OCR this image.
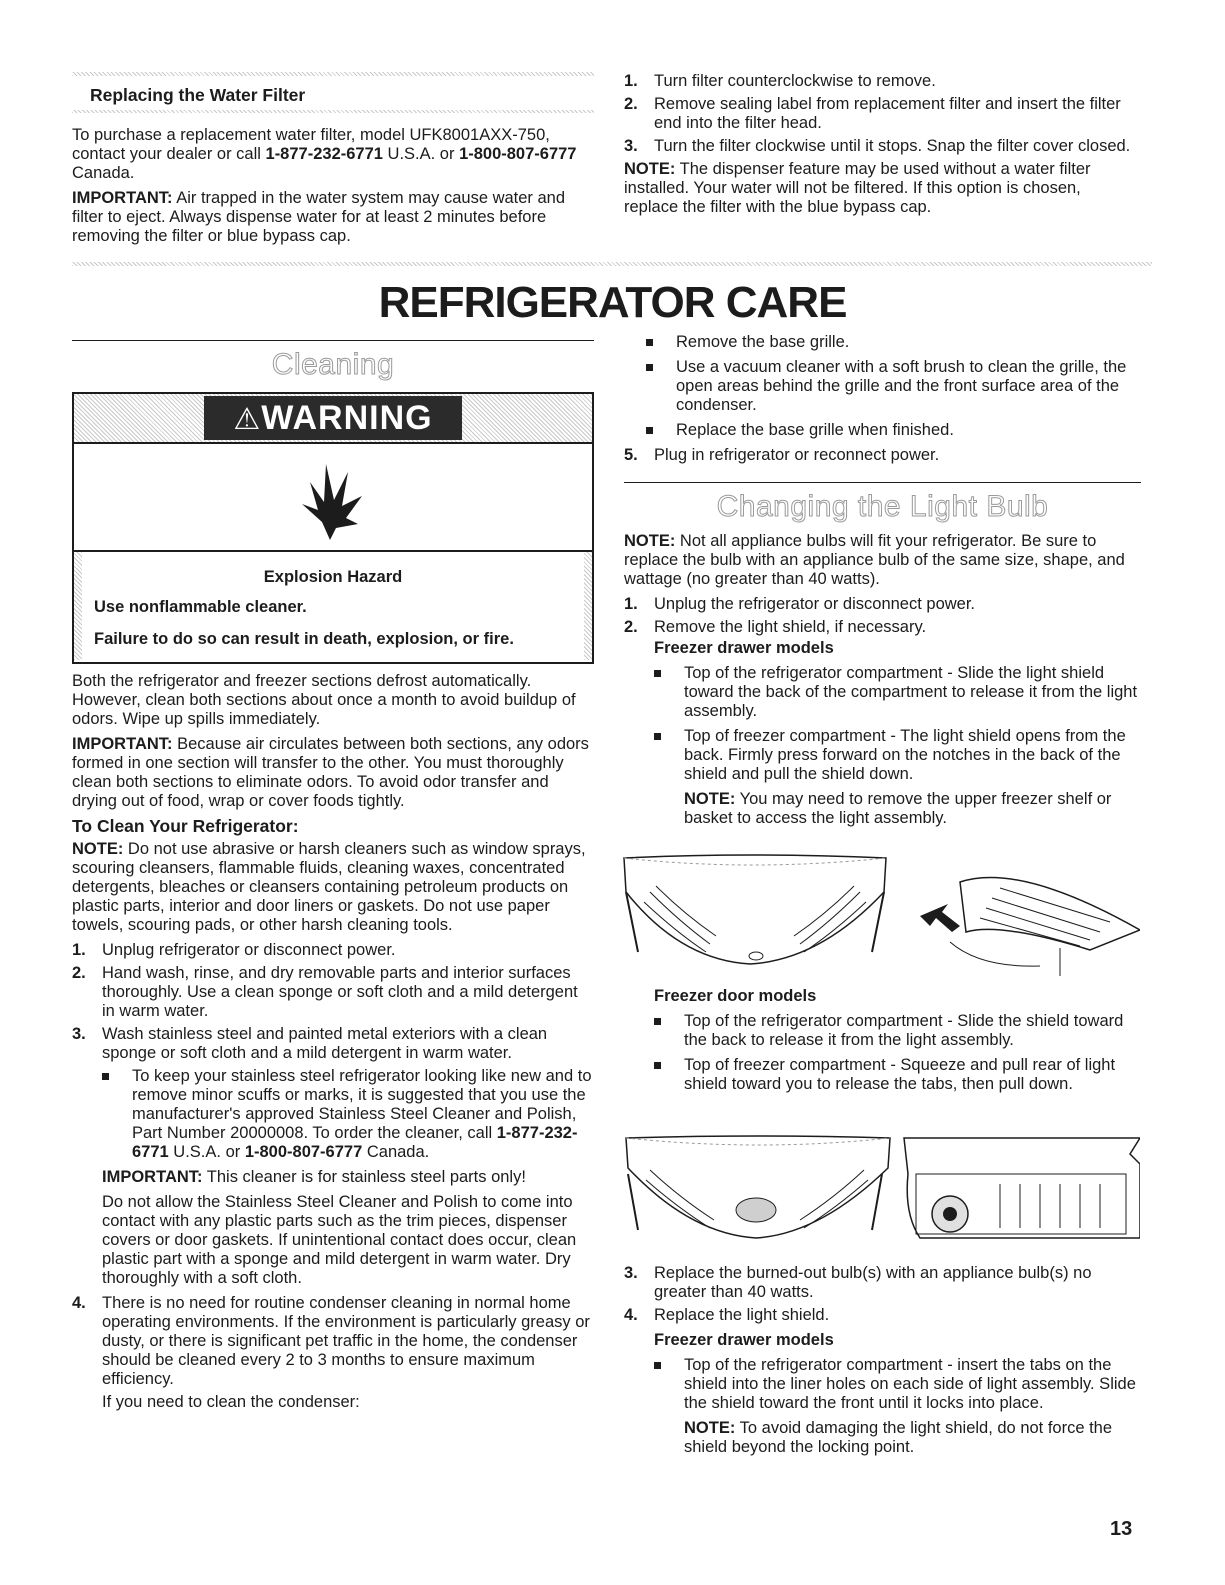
Replacing the Water Filter

To purchase a replacement water filter, model UFK8001AXX-750, contact your dealer or call 1-877-232-6771 U.S.A. or 1-800-807-6777 Canada.

IMPORTANT: Air trapped in the water system may cause water and filter to eject. Always dispense water for at least 2 minutes before removing the filter or blue bypass cap.

1. Turn filter counterclockwise to remove.
2. Remove sealing label from replacement filter and insert the filter end into the filter head.
3. Turn the filter clockwise until it stops. Snap the filter cover closed.

NOTE: The dispenser feature may be used without a water filter installed. Your water will not be filtered. If this option is chosen, replace the filter with the blue bypass cap.

REFRIGERATOR CARE
Cleaning
⚠WARNING
Explosion Hazard
Use nonflammable cleaner.
Failure to do so can result in death, explosion, or fire.

Both the refrigerator and freezer sections defrost automatically. However, clean both sections about once a month to avoid buildup of odors. Wipe up spills immediately.

IMPORTANT: Because air circulates between both sections, any odors formed in one section will transfer to the other. You must thoroughly clean both sections to eliminate odors. To avoid odor transfer and drying out of food, wrap or cover foods tightly.

To Clean Your Refrigerator:

NOTE: Do not use abrasive or harsh cleaners such as window sprays, scouring cleansers, flammable fluids, cleaning waxes, concentrated detergents, bleaches or cleansers containing petroleum products on plastic parts, interior and door liners or gaskets. Do not use paper towels, scouring pads, or other harsh cleaning tools.

1. Unplug refrigerator or disconnect power.
2. Hand wash, rinse, and dry removable parts and interior surfaces thoroughly. Use a clean sponge or soft cloth and a mild detergent in warm water.
3. Wash stainless steel and painted metal exteriors with a clean sponge or soft cloth and a mild detergent in warm water.
To keep your stainless steel refrigerator looking like new and to remove minor scuffs or marks, it is suggested that you use the manufacturer's approved Stainless Steel Cleaner and Polish, Part Number 20000008. To order the cleaner, call 1-877-232-6771 U.S.A. or 1-800-807-6777 Canada.

IMPORTANT: This cleaner is for stainless steel parts only!

Do not allow the Stainless Steel Cleaner and Polish to come into contact with any plastic parts such as the trim pieces, dispenser covers or door gaskets. If unintentional contact does occur, clean plastic part with a sponge and mild detergent in warm water. Dry thoroughly with a soft cloth.

4. There is no need for routine condenser cleaning in normal home operating environments. If the environment is particularly greasy or dusty, or there is significant pet traffic in the home, the condenser should be cleaned every 2 to 3 months to ensure maximum efficiency.

If you need to clean the condenser:

Remove the base grille.
Use a vacuum cleaner with a soft brush to clean the grille, the open areas behind the grille and the front surface area of the condenser.
Replace the base grille when finished.
5. Plug in refrigerator or reconnect power.
Changing the Light Bulb

NOTE: Not all appliance bulbs will fit your refrigerator. Be sure to replace the bulb with an appliance bulb of the same size, shape, and wattage (no greater than 40 watts).

1. Unplug the refrigerator or disconnect power.
2. Remove the light shield, if necessary.
Freezer drawer models
Top of the refrigerator compartment - Slide the light shield toward the back of the compartment to release it from the light assembly.
Top of freezer compartment - The light shield opens from the back. Firmly press forward on the notches in the back of the shield and pull the shield down.

NOTE: You may need to remove the upper freezer shelf or basket to access the light assembly.

Freezer door models
Top of the refrigerator compartment - Slide the shield toward the back to release it from the light assembly.
Top of freezer compartment - Squeeze and pull rear of light shield toward you to release the tabs, then pull down.
3. Replace the burned-out bulb(s) with an appliance bulb(s) no greater than 40 watts.
4. Replace the light shield.
Freezer drawer models
Top of the refrigerator compartment - insert the tabs on the shield into the liner holes on each side of light assembly. Slide the shield toward the front until it locks into place.

NOTE: To avoid damaging the light shield, do not force the shield beyond the locking point.

13
